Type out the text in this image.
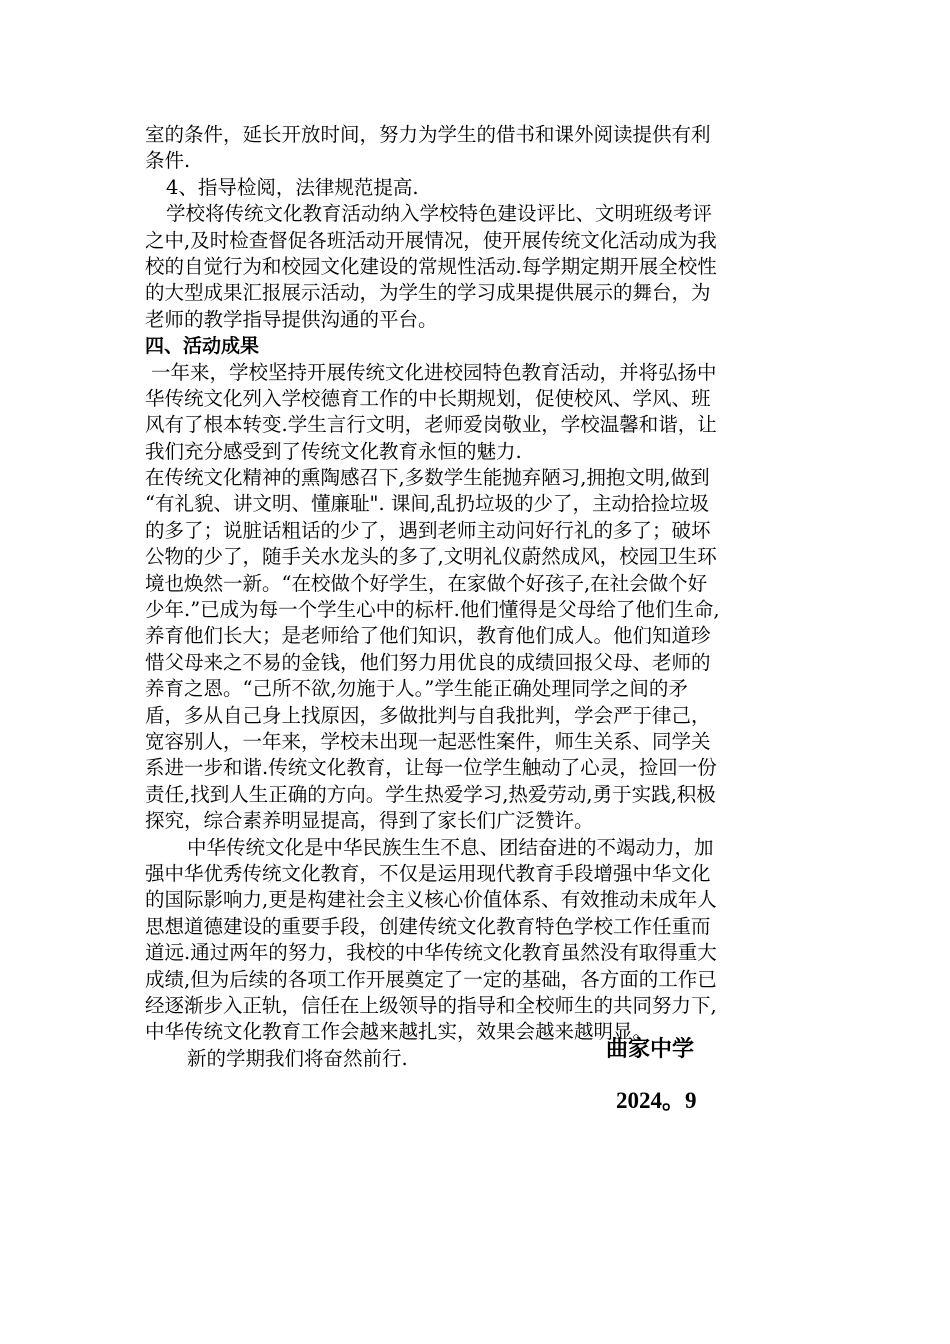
室的条件，延长开放时间，努力为学生的借书和课外阅读提供有利
条件.
4、指导检阅，法律规范提高.
学校将传统文化教育活动纳入学校特色建设评比、文明班级考评
之中,及时检查督促各班活动开展情况，使开展传统文化活动成为我
校的自觉行为和校园文化建设的常规性活动.每学期定期开展全校性
的大型成果汇报展示活动，为学生的学习成果提供展示的舞台，为
老师的教学指导提供沟通的平台。
四、活动成果
一年来，学校坚持开展传统文化进校园特色教育活动，并将弘扬中
华传统文化列入学校德育工作的中长期规划，促使校风、学风、班
风有了根本转变.学生言行文明，老师爱岗敬业，学校温馨和谐，让
我们充分感受到了传统文化教育永恒的魅力.
在传统文化精神的熏陶感召下,多数学生能抛弃陋习,拥抱文明,做到
“有礼貌、讲文明、懂廉耻". 课间,乱扔垃圾的少了，主动拾捡垃圾
的多了；说脏话粗话的少了，遇到老师主动问好行礼的多了；破坏
公物的少了，随手关水龙头的多了,文明礼仪蔚然成风，校园卫生环
境也焕然一新。“在校做个好学生，在家做个好孩子,在社会做个好
少年.”已成为每一个学生心中的标杆.他们懂得是父母给了他们生命,
养育他们长大；是老师给了他们知识，教育他们成人。他们知道珍
惜父母来之不易的金钱，他们努力用优良的成绩回报父母、老师的
养育之恩。“己所不欲,勿施于人。”学生能正确处理同学之间的矛
盾，多从自己身上找原因，多做批判与自我批判，学会严于律己，
宽容别人，一年来，学校未出现一起恶性案件，师生关系、同学关
系进一步和谐.传统文化教育，让每一位学生触动了心灵，捡回一份
责任,找到人生正确的方向。学生热爱学习,热爱劳动,勇于实践,积极
探究，综合素养明显提高，得到了家长们广泛赞许。
中华传统文化是中华民族生生不息、团结奋进的不竭动力，加
强中华优秀传统文化教育，不仅是运用现代教育手段增强中华文化
的国际影响力,更是构建社会主义核心价值体系、有效推动未成年人
思想道德建设的重要手段，创建传统文化教育特色学校工作任重而
道远.通过两年的努力，我校的中华传统文化教育虽然没有取得重大
成绩,但为后续的各项工作开展奠定了一定的基础，各方面的工作已
经逐渐步入正轨，信任在上级领导的指导和全校师生的共同努力下,
中华传统文化教育工作会越来越扎实，效果会越来越明显。
新的学期我们将奋然前行.	曲家中学
2024。9
